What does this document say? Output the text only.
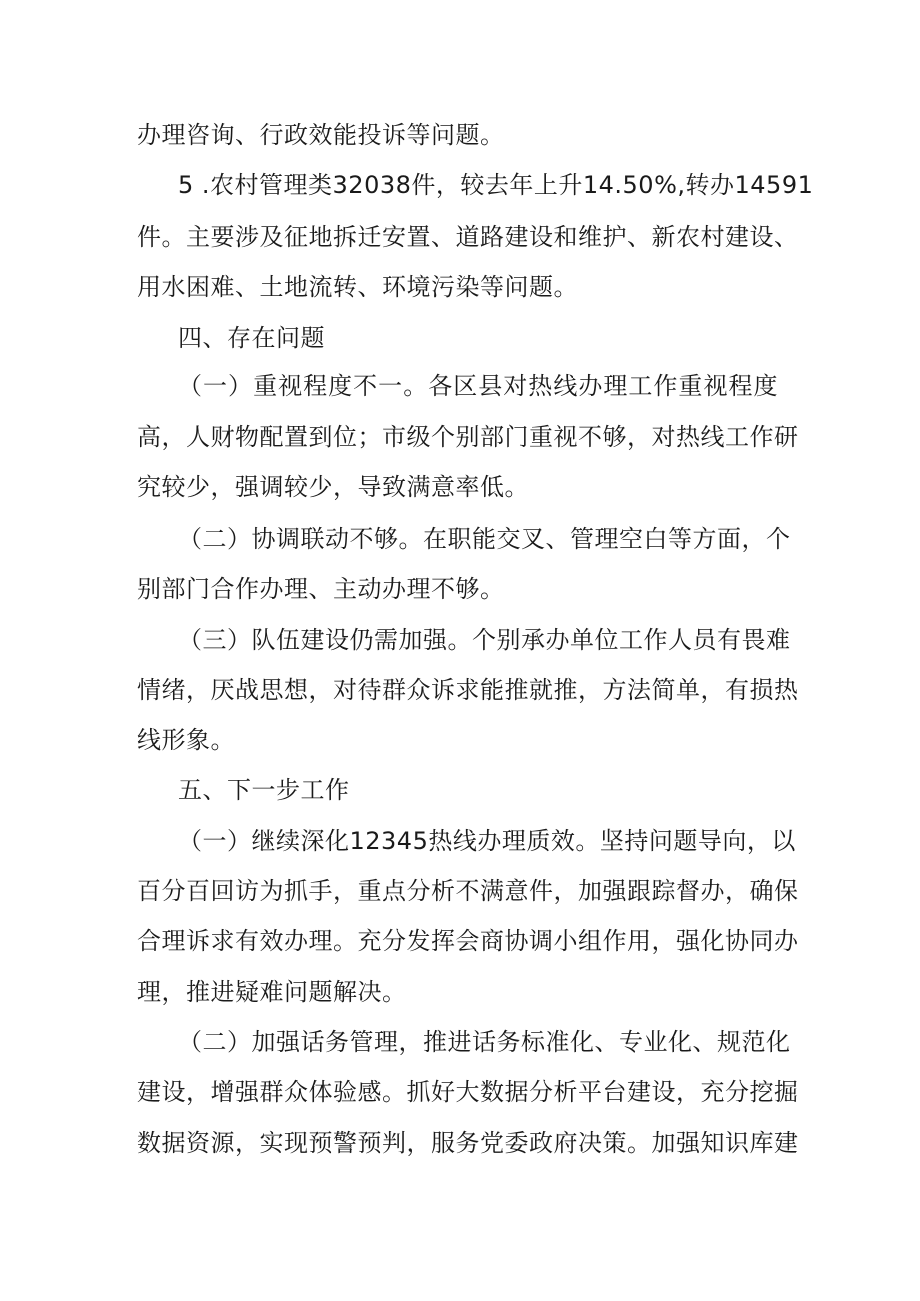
办理咨询、行政效能投诉等问题。
5 .农村管理类32038件，较去年上升14.50%,转办14591
件。主要涉及征地拆迁安置、道路建设和维护、新农村建设、
用水困难、土地流转、环境污染等问题。
四、存在问题
（一）重视程度不一。各区县对热线办理工作重视程度
高，人财物配置到位；市级个别部门重视不够，对热线工作研
究较少，强调较少，导致满意率低。
（二）协调联动不够。在职能交叉、管理空白等方面，个
别部门合作办理、主动办理不够。
（三）队伍建设仍需加强。个别承办单位工作人员有畏难
情绪，厌战思想，对待群众诉求能推就推，方法简单，有损热
线形象。
五、下一步工作
（一）继续深化12345热线办理质效。坚持问题导向，以
百分百回访为抓手，重点分析不满意件，加强跟踪督办，确保
合理诉求有效办理。充分发挥会商协调小组作用，强化协同办
理，推进疑难问题解决。
（二）加强话务管理，推进话务标准化、专业化、规范化
建设，增强群众体验感。抓好大数据分析平台建设，充分挖掘
数据资源，实现预警预判，服务党委政府决策。加强知识库建
